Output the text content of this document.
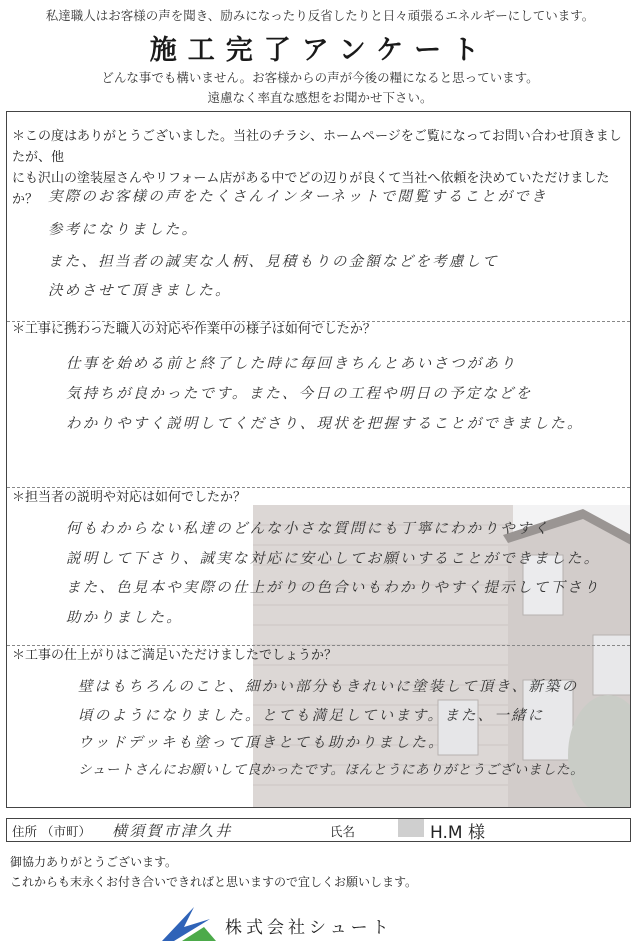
私達職人はお客様の声を聞き、励みになったり反省したりと日々頑張るエネルギーにしています。
施工完了アンケート
どんな事でも構いません。お客様からの声が今後の糧になると思っています。
遠慮なく率直な感想をお聞かせ下さい。
＊この度はありがとうございました。当社のチラシ、ホームページをご覧になってお問い合わせ頂きましたが、他
にも沢山の塗装屋さんやリフォーム店がある中でどの辺りが良くて当社へ依頼を決めていただけましたか？ 実際のお客様の声をたくさんインターネットで閲覧することができ
参考になりました。
また、担当者の誠実な人柄、見積もりの金額などを考慮して
決めさせて頂きました。
＊工事に携わった職人の対応や作業中の様子は如何でしたか？
仕事を始める前と終了した時に毎回きちんとあいさつがあり
気持ちが良かったです。また、今日の工程や明日の予定などを
わかりやすく説明してくださり、現状を把握することができました。
＊担当者の説明や対応は如何でしたか？
何もわからない私達のどんな小さな質問にも丁寧にわかりやすく
説明して下さり、誠実な対応に安心してお願いすることができました。
また、色見本や実際の仕上がりの色合いもわかりやすく提示して下さり
助かりました。
＊工事の仕上がりはご満足いただけましたでしょうか？
壁はもちろんのこと、細かい部分もきれいに塗装して頂き、新築の
頃のようになりました。とても満足しています。また、一緒に
ウッドデッキも塗って頂きとても助かりました。
シュートさんにお願いして良かったです。ほんとうにありがとうございました。
住所 （市町） 横須賀市津久井	氏名	H.M 様
御協力ありがとうございます。
これからも末永くお付き合いできればと思いますので宜しくお願いします。
株式会社シュート
